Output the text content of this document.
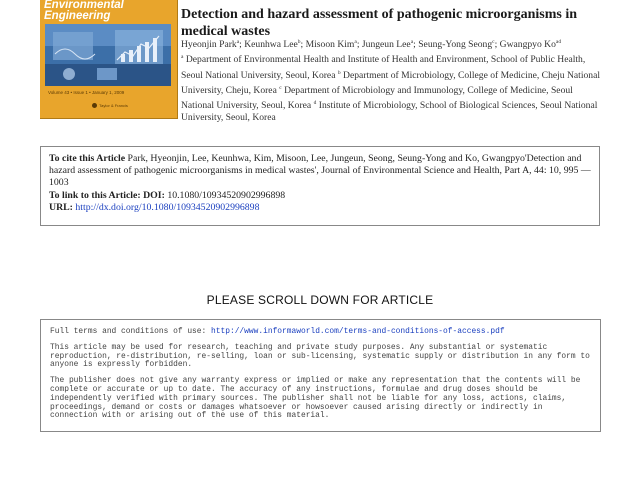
Environmental
Engineering
Volume 43 • Issue 1 • January 1, 2009
Taylor & Francis
Detection and hazard assessment of pathogenic microorganisms in medical wastes
Hyeonjin Park$^a$; Keunhwa Lee$^b$; Misoon Kim$^a$; Jungeun Lee$^a$; Seung-Yong Seong$^c$; Gwangpyo $Ko^{ad}$
$^a$ Department of Environmental Health and Institute of Health and Environment, School of Public Health, Seoul National University, Seoul, Korea $^b$ Department of Microbiology, College of Medicine, Cheju National University, Cheju, Korea $^c$ Department of Microbiology and Immunology, College of Medicine, Seoul National University, Seoul, Korea $^d$ Institute of Microbiology, School of Biological Sciences, Seoul National University, Seoul, Korea
To cite this Article Park, Hyeonjin, Lee, Keunhwa, Kim, Misoon, Lee, Jungeun, Seong, Seung-Yong and Ko, Gwangpyo'Detection and hazard assessment of pathogenic microorganisms in medical wastes', Journal of Environmental Science and Health, Part A, 44: 10, 995 — 1003
To link to this Article: DOI: 10.1080/10934520902996898
URL: http://dx.doi.org/10.1080/10934520902996898
PLEASE SCROLL DOWN FOR ARTICLE

Full terms and conditions of use: http://www.informaworld.com/terms-and-conditions-of-access.pdf

This article may be used for research, teaching and private study purposes. Any substantial or systematic reproduction, re-distribution, re-selling, loan or sub-licensing, systematic supply or distribution in any form to anyone is expressly forbidden.

The publisher does not give any warranty express or implied or make any representation that the contents will be complete or accurate or up to date. The accuracy of any instructions, formulae and drug doses should be independently verified with primary sources. The publisher shall not be liable for any loss, actions, claims, proceedings, demand or costs or damages whatsoever or howsoever caused arising directly or indirectly in connection with or arising out of the use of this material.
